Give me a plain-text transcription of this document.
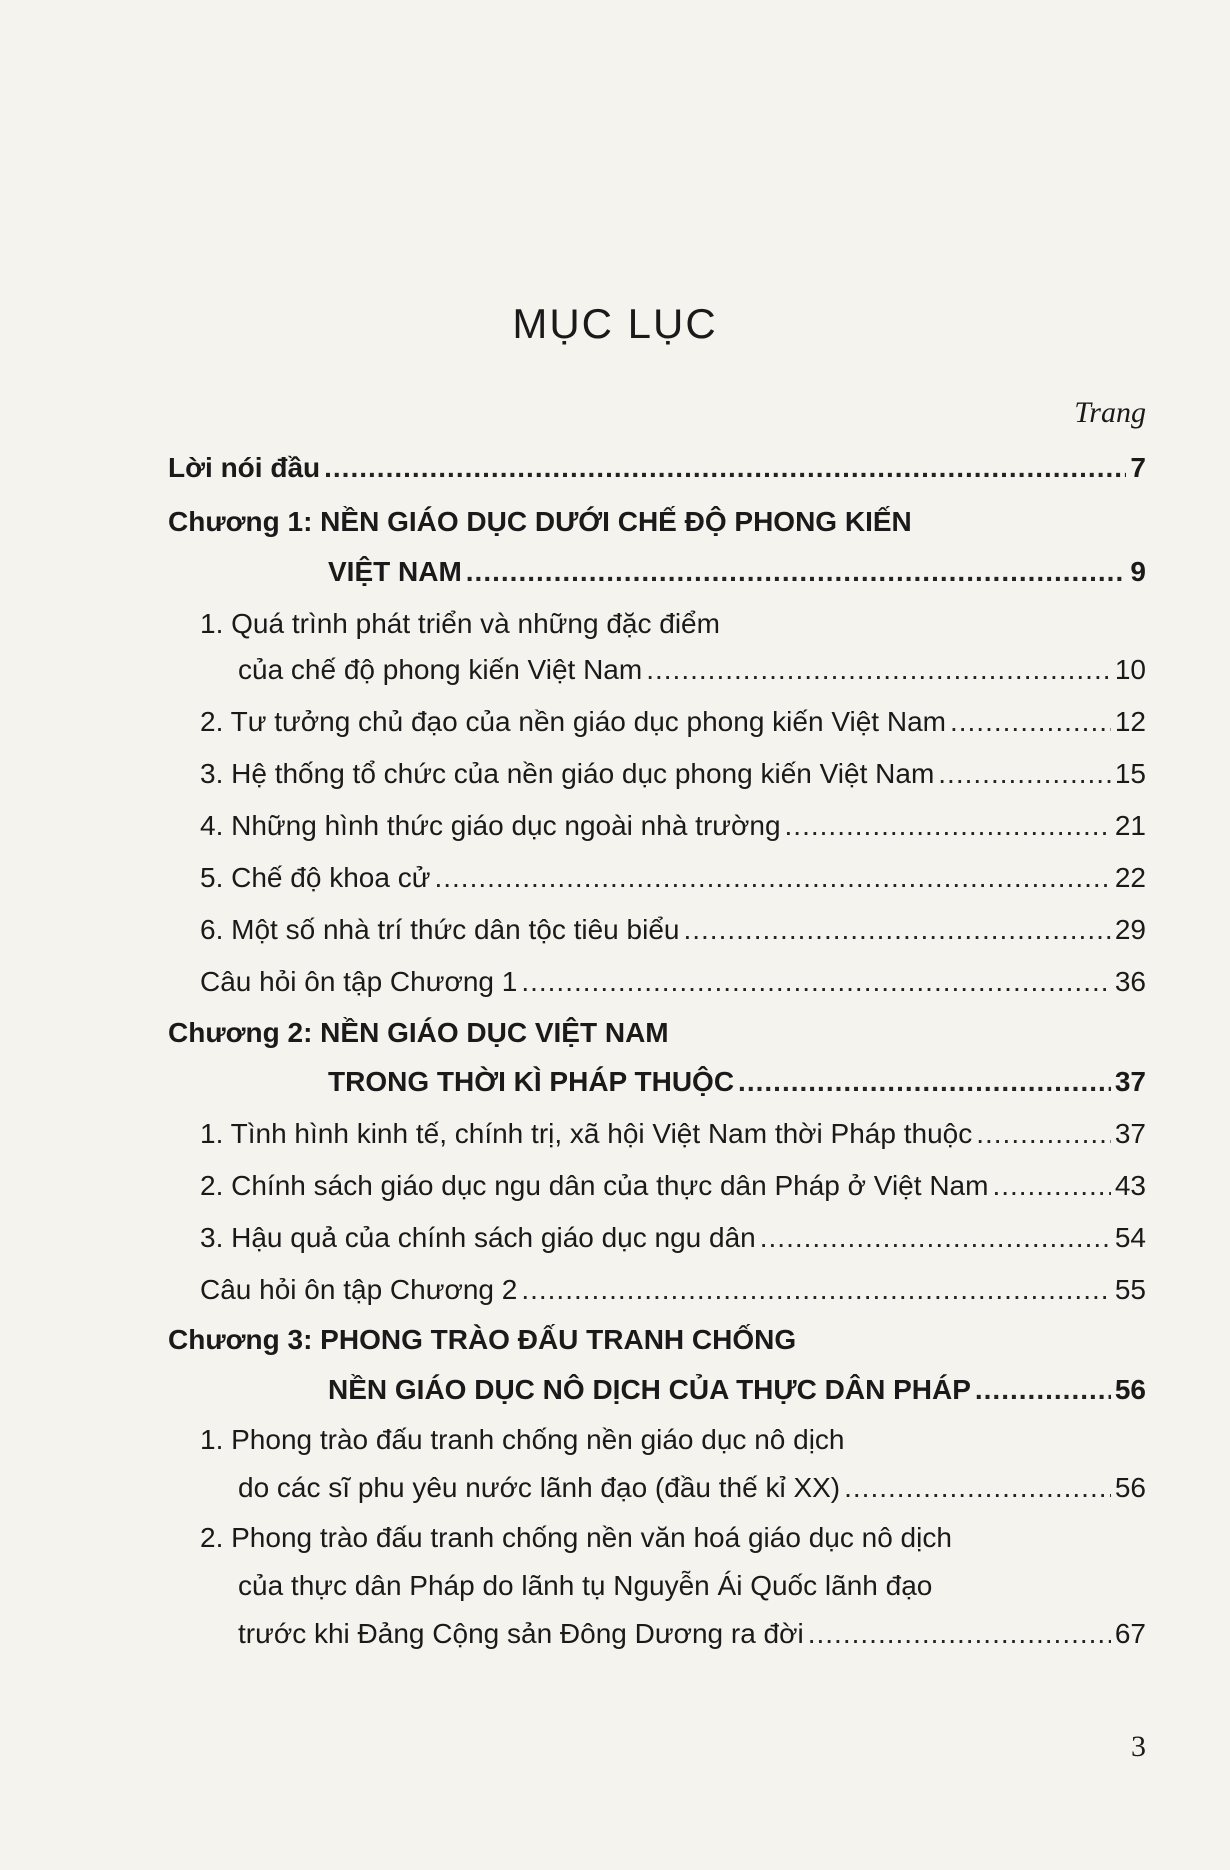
MỤC LỤC
Trang
Lời nói đầu .....	7
Chương 1: NỀN GIÁO DỤC DƯỚI CHẾ ĐỘ PHONG KIẾN
VIỆT NAM .....	9
1. Quá trình phát triển và những đặc điểm
của chế độ phong kiến Việt Nam .....	10
2. Tư tưởng chủ đạo của nền giáo dục phong kiến Việt Nam .....	12
3. Hệ thống tổ chức của nền giáo dục phong kiến Việt Nam .....	15
4. Những hình thức giáo dục ngoài nhà trường .....	21
5. Chế độ khoa cử .....	22
6. Một số nhà trí thức dân tộc tiêu biểu .....	29
Câu hỏi ôn tập Chương 1 .....	36
Chương 2: NỀN GIÁO DỤC VIỆT NAM
TRONG THỜI KÌ PHÁP THUỘC .....	37
1. Tình hình kinh tế, chính trị, xã hội Việt Nam thời Pháp thuộc .....	37
2. Chính sách giáo dục ngu dân của thực dân Pháp ở Việt Nam .....	43
3. Hậu quả của chính sách giáo dục ngu dân .....	54
Câu hỏi ôn tập Chương 2 .....	55
Chương 3: PHONG TRÀO ĐẤU TRANH CHỐNG
NỀN GIÁO DỤC NÔ DỊCH CỦA THỰC DÂN PHÁP .....	56
1. Phong trào đấu tranh chống nền giáo dục nô dịch
do các sĩ phu yêu nước lãnh đạo (đầu thế kỉ XX) .....	56
2. Phong trào đấu tranh chống nền văn hoá giáo dục nô dịch
của thực dân Pháp do lãnh tụ Nguyễn Ái Quốc lãnh đạo
trước khi Đảng Cộng sản Đông Dương ra đời .....	67
3
